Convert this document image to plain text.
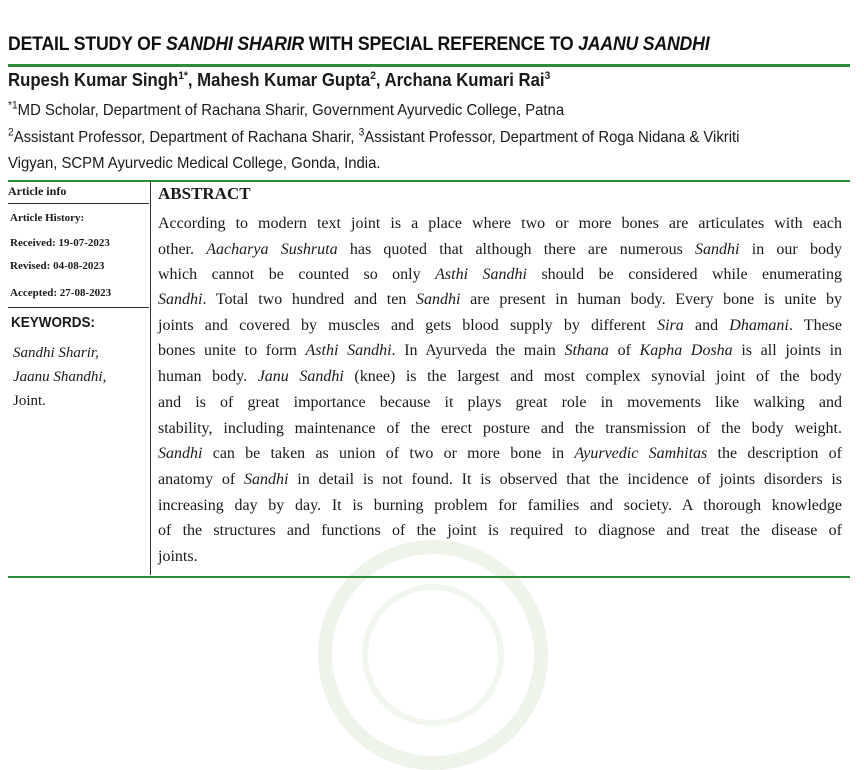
DETAIL STUDY OF SANDHI SHARIR WITH SPECIAL REFERENCE TO JAANU SANDHI
Rupesh Kumar Singh$^{1*}$, Mahesh Kumar Gupta$^2$, Archana Kumari Rai$^3$
$^{*1}$MD Scholar, Department of Rachana Sharir, Government Ayurvedic College, Patna
$^2$Assistant Professor, Department of Rachana Sharir, $^3$Assistant Professor, Department of Roga Nidana & Vikriti
Vigyan, SCPM Ayurvedic Medical College, Gonda, India.
Article info
Article History:
Received: 19-07-2023
Revised: 04-08-2023
Accepted: 27-08-2023
KEYWORDS:
Sandhi Sharir,
Jaanu Shandhi,
Joint.
ABSTRACT
According to modern text joint is a place where two or more bones are articulates with each
other. Aacharya Sushruta has quoted that although there are numerous Sandhi in our body
which cannot be counted so only Asthi Sandhi should be considered while enumerating
Sandhi. Total two hundred and ten Sandhi are present in human body. Every bone is unite by
joints and covered by muscles and gets blood supply by different Sira and Dhamani. These
bones unite to form Asthi Sandhi. In Ayurveda the main Sthana of Kapha Dosha is all joints in
human body. Janu Sandhi (knee) is the largest and most complex synovial joint of the body
and is of great importance because it plays great role in movements like walking and
stability, including maintenance of the erect posture and the transmission of the body weight.
Sandhi can be taken as union of two or more bone in Ayurvedic Samhitas the description of
anatomy of Sandhi in detail is not found. It is observed that the incidence of joints disorders is
increasing day by day. It is burning problem for families and society. A thorough knowledge
of the structures and functions of the joint is required to diagnose and treat the disease of
joints.
